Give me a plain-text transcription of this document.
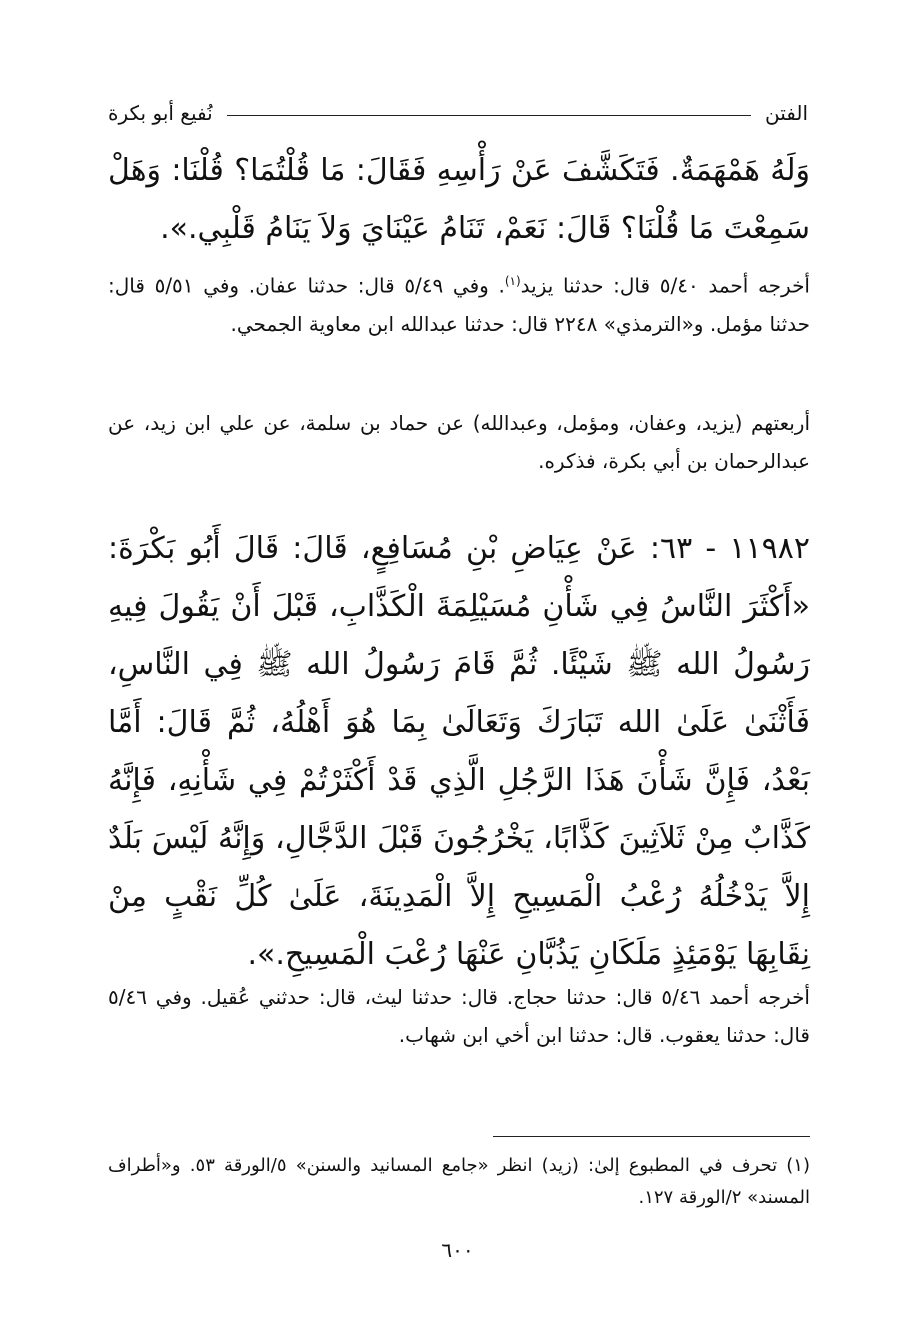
الفتن
نُفيع أبو بكرة

وَلَهُ هَمْهَمَةٌ. فَتَكَشَّفَ عَنْ رَأْسِهِ فَقَالَ: مَا قُلْتُمَا؟ قُلْنَا: وَهَلْ سَمِعْتَ مَا قُلْنَا؟ قَالَ: نَعَمْ، تَنَامُ عَيْنَايَ وَلاَ يَنَامُ قَلْبِي.».

أخرجه أحمد ٥/٤٠ قال: حدثنا يزيد$^{(١)}$. وفي ٥/٤٩ قال: حدثنا عفان. وفي ٥/٥١ قال: حدثنا مؤمل. و«الترمذي» ٢٢٤٨ قال: حدثنا عبدالله ابن معاوية الجمحي.

أربعتهم (يزيد، وعفان، ومؤمل، وعبدالله) عن حماد بن سلمة، عن علي ابن زيد، عن عبدالرحمان بن أبي بكرة، فذكره.

١١٩٨٢ - ٦٣: عَنْ عِيَاضِ بْنِ مُسَافِعٍ، قَالَ: قَالَ أَبُو بَكْرَةَ: «أَكْثَرَ النَّاسُ فِي شَأْنِ مُسَيْلِمَةَ الْكَذَّابِ، قَبْلَ أَنْ يَقُولَ فِيهِ رَسُولُ الله ﷺ شَيْئًا. ثُمَّ قَامَ رَسُولُ الله ﷺ فِي النَّاسِ، فَأَثْنَىٰ عَلَىٰ الله تَبَارَكَ وَتَعَالَىٰ بِمَا هُوَ أَهْلُهُ، ثُمَّ قَالَ: أَمَّا بَعْدُ، فَإِنَّ شَأْنَ هَذَا الرَّجُلِ الَّذِي قَدْ أَكْثَرْتُمْ فِي شَأْنِهِ، فَإِنَّهُ كَذَّابٌ مِنْ ثَلاَثِينَ كَذَّابًا، يَخْرُجُونَ قَبْلَ الدَّجَّالِ، وَإِنَّهُ لَيْسَ بَلَدٌ إِلاَّ يَدْخُلُهُ رُعْبُ الْمَسِيحِ إِلاَّ الْمَدِينَةَ، عَلَىٰ كُلِّ نَقْبٍ مِنْ نِقَابِهَا يَوْمَئِذٍ مَلَكَانِ يَذُبَّانِ عَنْهَا رُعْبَ الْمَسِيحِ.».

أخرجه أحمد ٥/٤٦ قال: حدثنا حجاج. قال: حدثنا ليث، قال: حدثني عُقيل. وفي ٥/٤٦ قال: حدثنا يعقوب. قال: حدثنا ابن أخي ابن شهاب.

(١) تحرف في المطبوع إلىٰ: (زيد) انظر «جامع المسانيد والسنن» ٥/الورقة ٥٣. و«أطراف المسند» ٢/الورقة ١٢٧.

٦٠٠
